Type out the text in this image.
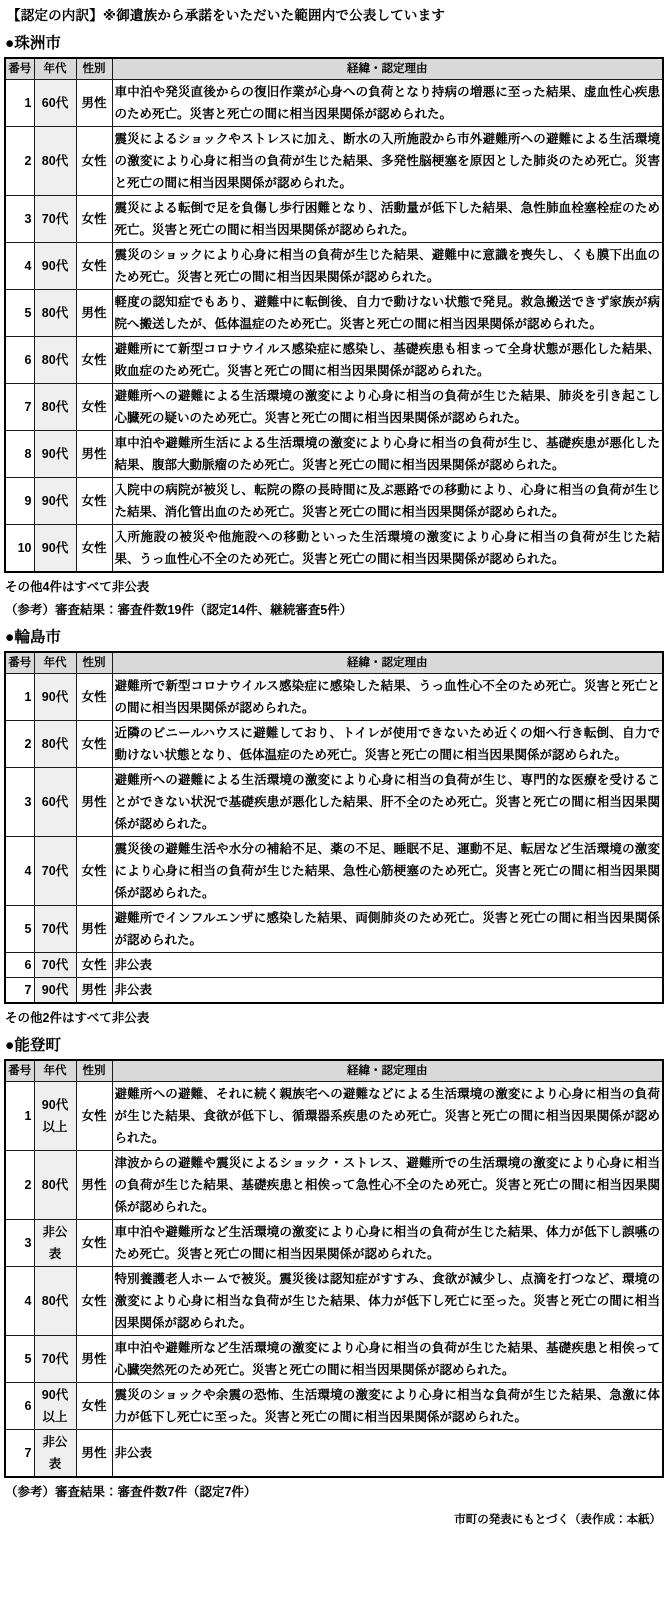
【認定の内訳】※御遺族から承諾をいただいた範囲内で公表しています
●珠洲市
番号	年代	性別	経緯・認定理由
1	60代	男性	車中泊や発災直後からの復旧作業が心身への負荷となり持病の増悪に至った結果、虚血性心疾患のため死亡。災害と死亡の間に相当因果関係が認められた。
2	80代	女性	震災によるショックやストレスに加え、断水の入所施設から市外避難所への避難による生活環境の激変により心身に相当の負荷が生じた結果、多発性脳梗塞を原因とした肺炎のため死亡。災害と死亡の間に相当因果関係が認められた。
3	70代	女性	震災による転倒で足を負傷し歩行困難となり、活動量が低下した結果、急性肺血栓塞栓症のため死亡。災害と死亡の間に相当因果関係が認められた。
4	90代	女性	震災のショックにより心身に相当の負荷が生じた結果、避難中に意識を喪失し、くも膜下出血のため死亡。災害と死亡の間に相当因果関係が認められた。
5	80代	男性	軽度の認知症でもあり、避難中に転倒後、自力で動けない状態で発見。救急搬送できず家族が病院へ搬送したが、低体温症のため死亡。災害と死亡の間に相当因果関係が認められた。
6	80代	女性	避難所にて新型コロナウイルス感染症に感染し、基礎疾患も相まって全身状態が悪化した結果、敗血症のため死亡。災害と死亡の間に相当因果関係が認められた。
7	80代	女性	避難所への避難による生活環境の激変により心身に相当の負荷が生じた結果、肺炎を引き起こし心臓死の疑いのため死亡。災害と死亡の間に相当因果関係が認められた。
8	90代	男性	車中泊や避難所生活による生活環境の激変により心身に相当の負荷が生じ、基礎疾患が悪化した結果、腹部大動脈瘤のため死亡。災害と死亡の間に相当因果関係が認められた。
9	90代	女性	入院中の病院が被災し、転院の際の長時間に及ぶ悪路での移動により、心身に相当の負荷が生じた結果、消化管出血のため死亡。災害と死亡の間に相当因果関係が認められた。
10	90代	女性	入所施設の被災や他施設への移動といった生活環境の激変により心身に相当の負荷が生じた結果、うっ血性心不全のため死亡。災害と死亡の間に相当因果関係が認められた。

その他4件はすべて非公表

（参考）審査結果：審査件数19件（認定14件、継続審査5件）

●輪島市
番号	年代	性別	経緯・認定理由
1	90代	女性	避難所で新型コロナウイルス感染症に感染した結果、うっ血性心不全のため死亡。災害と死亡との間に相当因果関係が認められた。
2	80代	女性	近隣のビニールハウスに避難しており、トイレが使用できないため近くの畑へ行き転倒、自力で動けない状態となり、低体温症のため死亡。災害と死亡の間に相当因果関係が認められた。
3	60代	男性	避難所への避難による生活環境の激変により心身に相当の負荷が生じ、専門的な医療を受けることができない状況で基礎疾患が悪化した結果、肝不全のため死亡。災害と死亡の間に相当因果関係が認められた。
4	70代	女性	震災後の避難生活や水分の補給不足、薬の不足、睡眠不足、運動不足、転居など生活環境の激変により心身に相当の負荷が生じた結果、急性心筋梗塞のため死亡。災害と死亡の間に相当因果関係が認められた。
5	70代	男性	避難所でインフルエンザに感染した結果、両側肺炎のため死亡。災害と死亡の間に相当因果関係が認められた。
6	70代	女性	非公表
7	90代	男性	非公表

その他2件はすべて非公表

●能登町
番号	年代	性別	経緯・認定理由
1	90代以上	女性	避難所への避難、それに続く親族宅への避難などによる生活環境の激変により心身に相当の負荷が生じた結果、食欲が低下し、循環器系疾患のため死亡。災害と死亡の間に相当因果関係が認められた。
2	80代	男性	津波からの避難や震災によるショック・ストレス、避難所での生活環境の激変により心身に相当の負荷が生じた結果、基礎疾患と相俟って急性心不全のため死亡。災害と死亡の間に相当因果関係が認められた。
3	非公表	女性	車中泊や避難所など生活環境の激変により心身に相当の負荷が生じた結果、体力が低下し誤嚥のため死亡。災害と死亡の間に相当因果関係が認められた。
4	80代	女性	特別養護老人ホームで被災。震災後は認知症がすすみ、食欲が減少し、点滴を打つなど、環境の激変により心身に相当な負荷が生じた結果、体力が低下し死亡に至った。災害と死亡の間に相当因果関係が認められた。
5	70代	男性	車中泊や避難所など生活環境の激変により心身に相当の負荷が生じた結果、基礎疾患と相俟って心臓突然死のため死亡。災害と死亡の間に相当因果関係が認められた。
6	90代以上	女性	震災のショックや余震の恐怖、生活環境の激変により心身に相当な負荷が生じた結果、急激に体力が低下し死亡に至った。災害と死亡の間に相当因果関係が認められた。
7	非公表	男性	非公表

（参考）審査結果：審査件数7件（認定7件）

市町の発表にもとづく（表作成：本紙）
